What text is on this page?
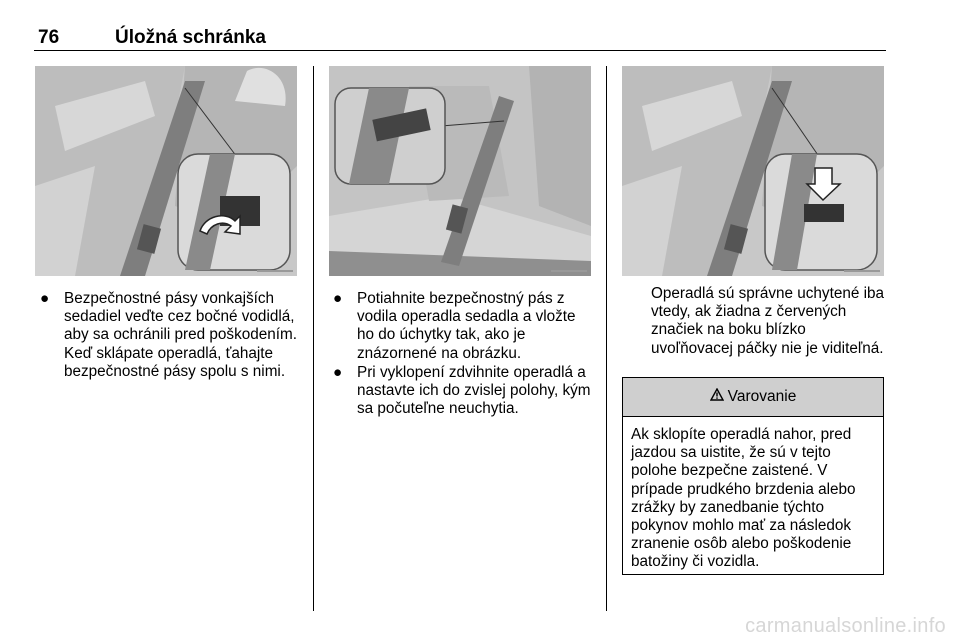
76	Úložná schránka
● Bezpečnostné pásy vonkajších sedadiel veďte cez bočné vodidlá, aby sa ochránili pred poškodením. Keď sklápate operadlá, ťahajte bezpečnostné pásy spolu s nimi.
● Potiahnite bezpečnostný pás z vodila operadla sedadla a vložte ho do úchytky tak, ako je znázornené na obrázku.
● Pri vyklopení zdvihnite operadlá a nastavte ich do zvislej polohy, kým sa počuteľne neuchytia.
Operadlá sú správne uchytené iba vtedy, ak žiadna z červených značiek na boku blízko uvoľňovacej páčky nie je viditeľná.
Varovanie
Ak sklopíte operadlá nahor, pred jazdou sa uistite, že sú v tejto polohe bezpečne zaistené. V prípade prudkého brzdenia alebo zrážky by zanedbanie týchto pokynov mohlo mať za následok zranenie osôb alebo poškodenie batožiny či vozidla.
carmanualsonline.info
